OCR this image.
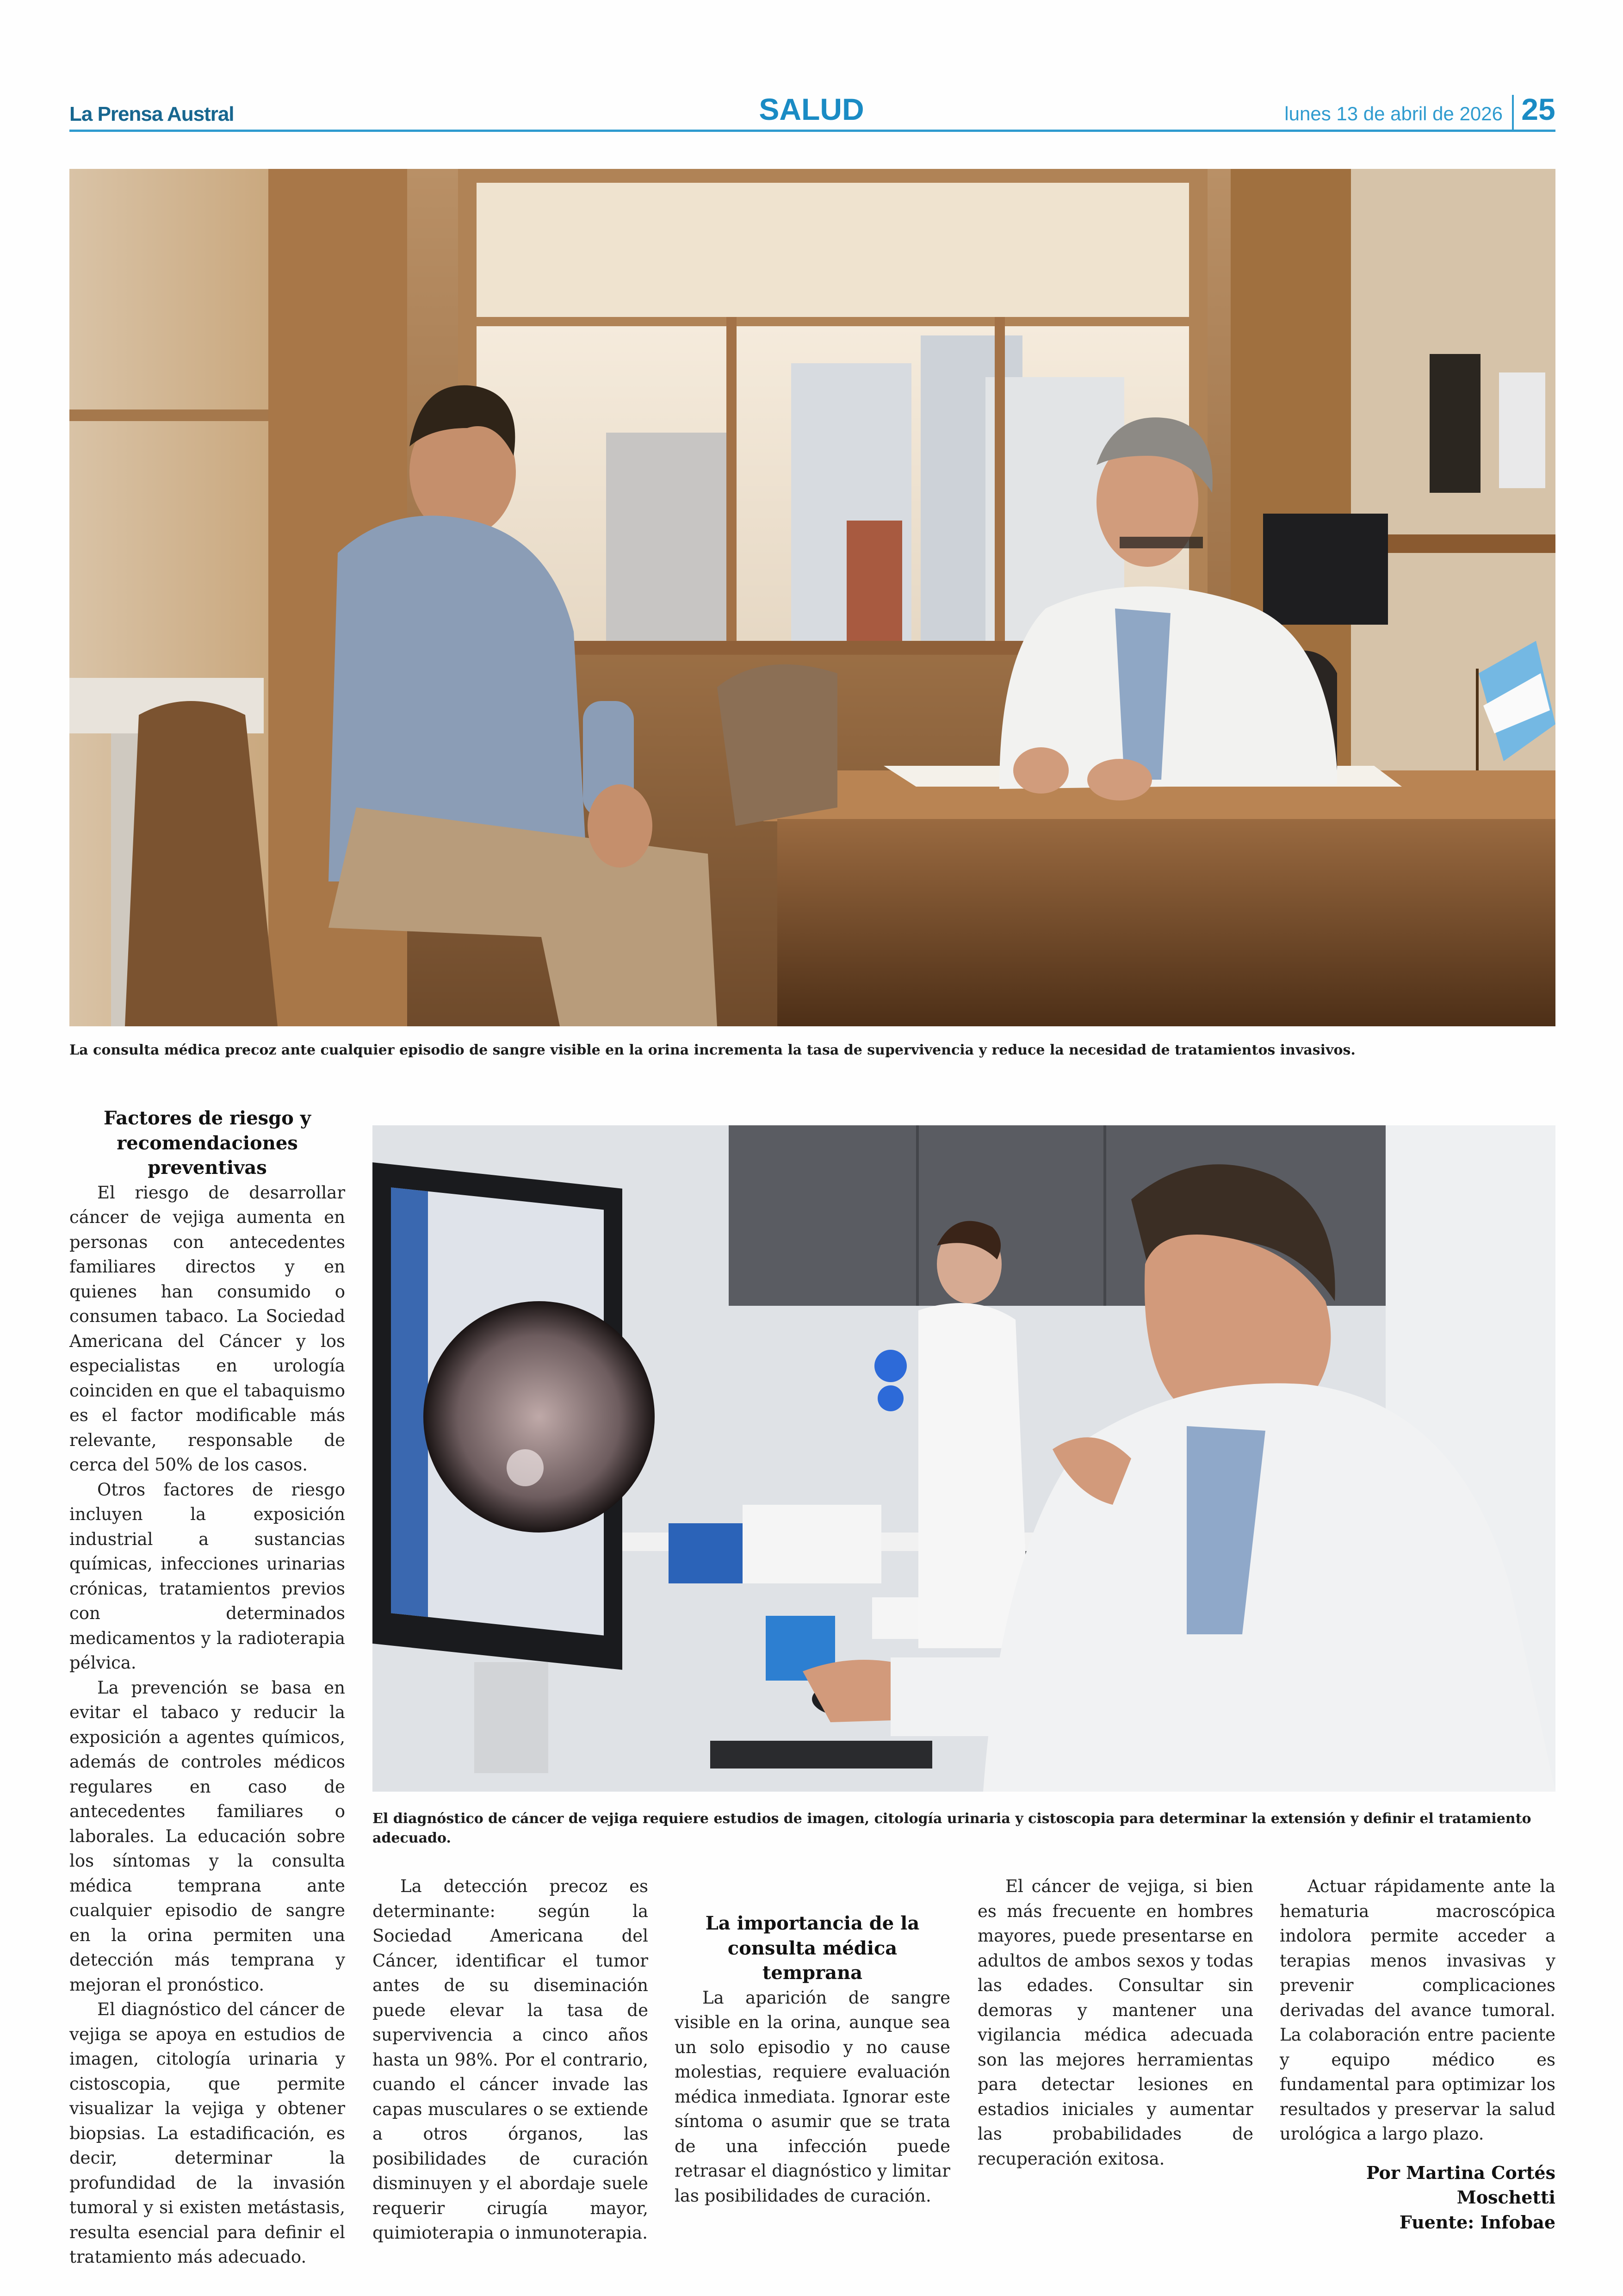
La Prensa Austral	SALUD	lunes 13 de abril de 2026 25
La consulta médica precoz ante cualquier episodio de sangre visible en la orina incrementa la tasa de supervivencia y reduce la necesidad de tratamientos invasivos.
El diagnóstico de cáncer de vejiga requiere estudios de imagen, citología urinaria y cistoscopia para determinar la extensión y definir el tratamiento adecuado.
Factores de riesgo y recomendaciones preventivas

El riesgo de desarrollar cáncer de vejiga aumenta en personas con antecedentes familiares directos y en quienes han consumido o consumen tabaco. La Sociedad Americana del Cáncer y los especialistas en urología coinciden en que el tabaquismo es el factor modificable más relevante, responsable de cerca del 50% de los casos.

Otros factores de riesgo incluyen la exposición industrial a sustancias químicas, infecciones urinarias crónicas, tratamientos previos con determinados medicamentos y la radioterapia pélvica.

La prevención se basa en evitar el tabaco y reducir la exposición a agentes químicos, además de controles médicos regulares en caso de antecedentes familiares o laborales. La educación sobre los síntomas y la consulta médica temprana ante cualquier episodio de sangre en la orina permiten una detección más temprana y mejoran el pronóstico.

El diagnóstico del cáncer de vejiga se apoya en estudios de imagen, citología urinaria y cistoscopia, que permite visualizar la vejiga y obtener biopsias. La estadificación, es decir, determinar la profundidad de la invasión tumoral y si existen metástasis, resulta esencial para definir el tratamiento más adecuado.

La detección precoz es determinante: según la Sociedad Americana del Cáncer, identificar el tumor antes de su diseminación puede elevar la tasa de supervivencia a cinco años hasta un 98%. Por el contrario, cuando el cáncer invade las capas musculares o se extiende a otros órganos, las posibilidades de curación disminuyen y el abordaje suele requerir cirugía mayor, quimioterapia o inmunoterapia.

La importancia de la consulta médica temprana

La aparición de sangre visible en la orina, aunque sea un solo episodio y no cause molestias, requiere evaluación médica inmediata. Ignorar este síntoma o asumir que se trata de una infección puede retrasar el diagnóstico y limitar las posibilidades de curación.

El cáncer de vejiga, si bien es más frecuente en hombres mayores, puede presentarse en adultos de ambos sexos y todas las edades. Consultar sin demoras y mantener una vigilancia médica adecuada son las mejores herramientas para detectar lesiones en estadios iniciales y aumentar las probabilidades de recuperación exitosa.

Actuar rápidamente ante la hematuria macroscópica indolora permite acceder a terapias menos invasivas y prevenir complicaciones derivadas del avance tumoral. La colaboración entre paciente y equipo médico es fundamental para optimizar los resultados y preservar la salud urológica a largo plazo.

Por Martina Cortés Moschetti
Fuente: Infobae
